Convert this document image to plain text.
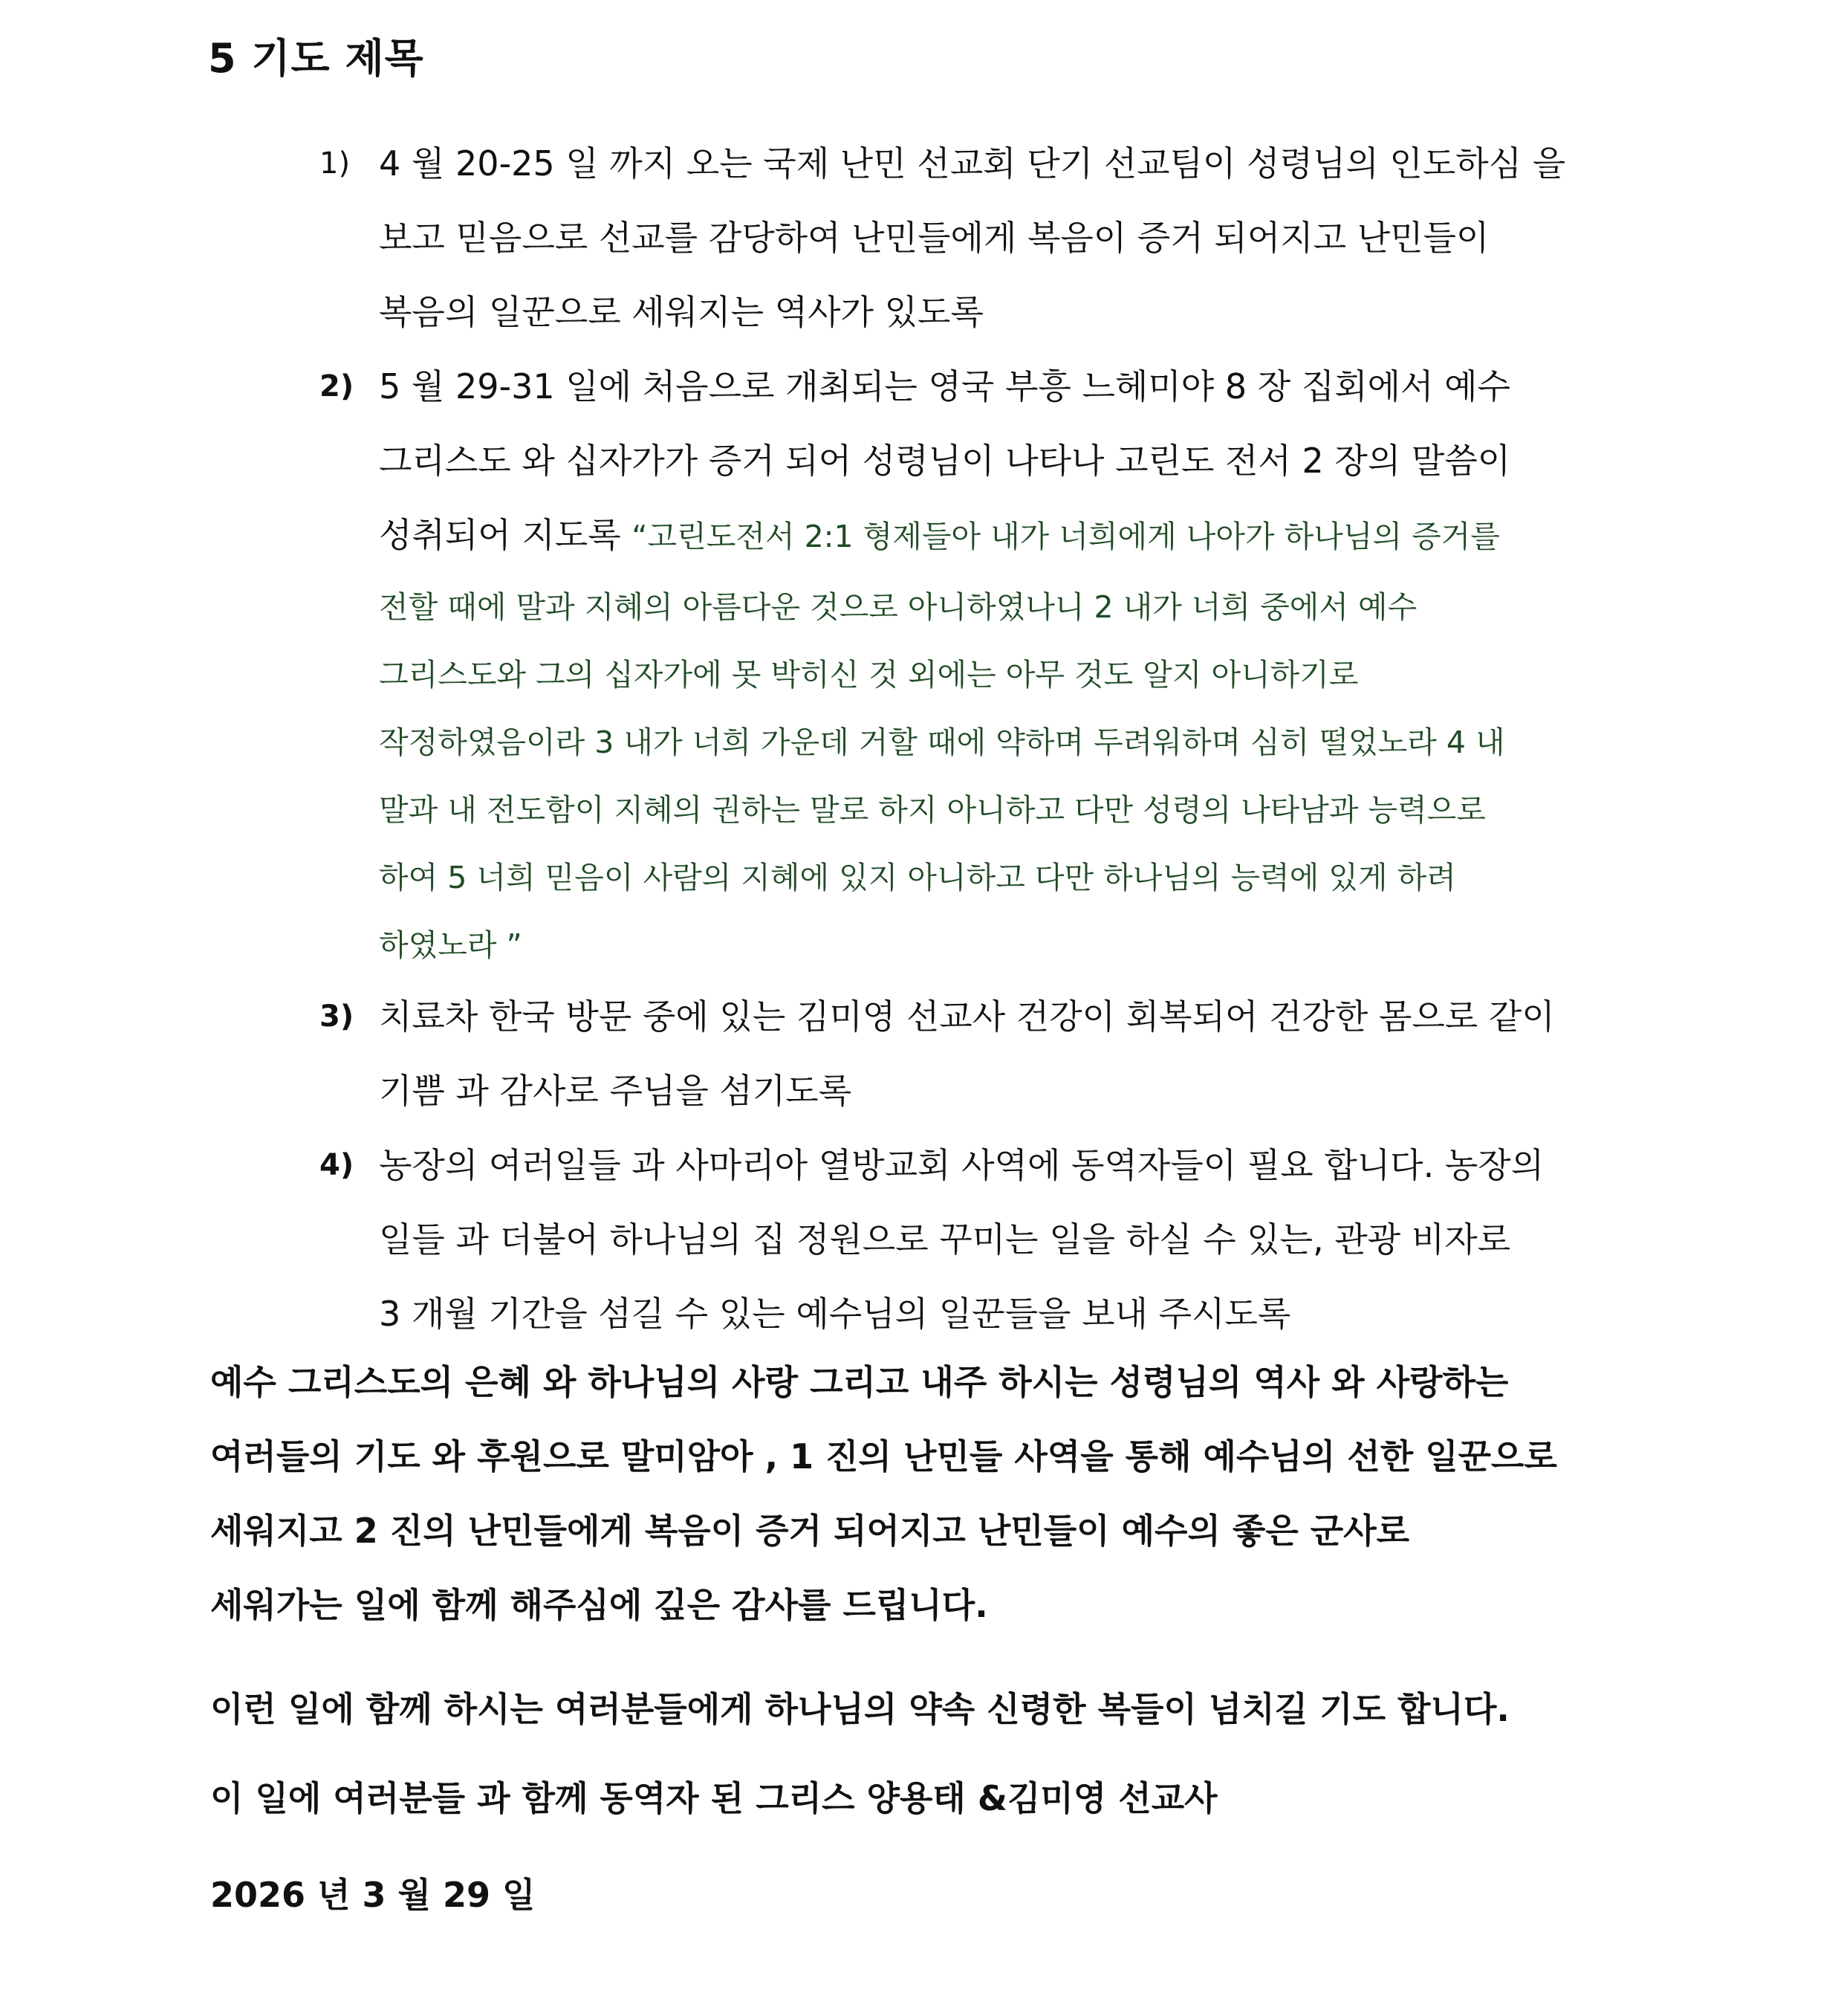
5 기도 제목
1) 4 월 20-25 일 까지 오는 국제 난민 선교회 단기 선교팀이 성령님의 인도하심 을
보고 믿음으로 선교를 감당하여 난민들에게 복음이 증거 되어지고 난민들이
복음의 일꾼으로 세워지는 역사가 있도록
2) 5 월 29-31 일에 처음으로 개최되는 영국 부흥 느헤미야 8 장 집회에서 예수
그리스도 와 십자가가 증거 되어 성령님이 나타나 고린도 전서 2 장의 말씀이
성취되어 지도록 “고린도전서 2:1 형제들아 내가 너희에게 나아가 하나님의 증거를
전할 때에 말과 지혜의 아름다운 것으로 아니하였나니 2 내가 너희 중에서 예수
그리스도와 그의 십자가에 못 박히신 것 외에는 아무 것도 알지 아니하기로
작정하였음이라 3 내가 너희 가운데 거할 때에 약하며 두려워하며 심히 떨었노라 4 내
말과 내 전도함이 지혜의 권하는 말로 하지 아니하고 다만 성령의 나타남과 능력으로
하여 5 너희 믿음이 사람의 지혜에 있지 아니하고 다만 하나님의 능력에 있게 하려
하였노라 ”
3) 치료차 한국 방문 중에 있는 김미영 선교사 건강이 회복되어 건강한 몸으로 같이
기쁨 과 감사로 주님을 섬기도록
4) 농장의 여러일들 과 사마리아 열방교회 사역에 동역자들이 필요 합니다. 농장의
일들 과 더불어 하나님의 집 정원으로 꾸미는 일을 하실 수 있는, 관광 비자로
3 개월 기간을 섬길 수 있는 예수님의 일꾼들을 보내 주시도록
예수 그리스도의 은혜 와 하나님의 사랑 그리고 내주 하시는 성령님의 역사 와 사랑하는
여러들의 기도 와 후원으로 말미암아 , 1 진의 난민들 사역을 통해 예수님의 선한 일꾼으로
세워지고 2 진의 난민들에게 복음이 증거 되어지고 난민들이 예수의 좋은 군사로
세워가는 일에 함께 해주심에 깊은 감사를 드립니다.
이런 일에 함께 하시는 여러분들에게 하나님의 약속 신령한 복들이 넘치길 기도 합니다.
이 일에 여러분들 과 함께 동역자 된 그리스 양용태 &김미영 선교사
2026 년 3 월 29 일
